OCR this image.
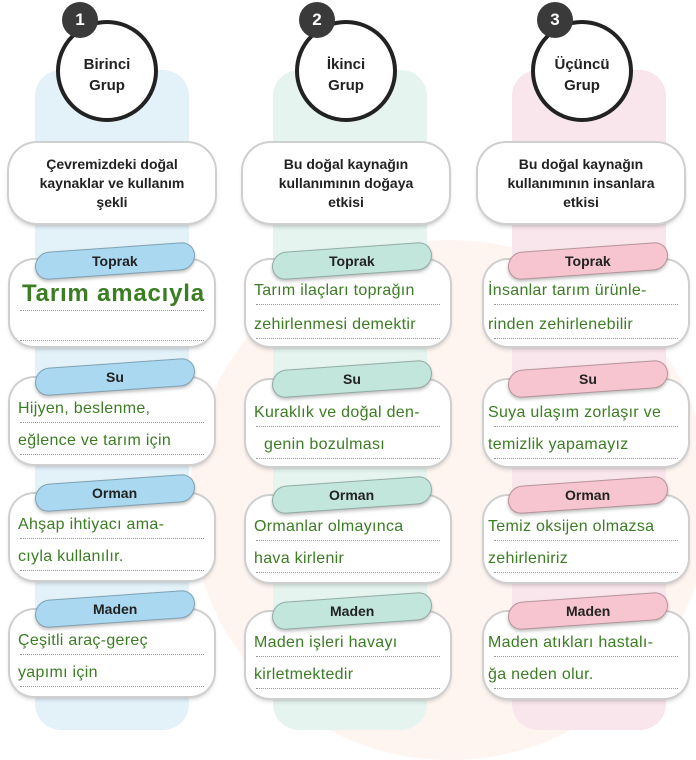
Birinci
Grup
1
Çevremizdeki doğal
kaynaklar ve kullanım
şekli
Tarım amacıyla
Toprak
Hijyen, beslenme,
eğlence ve tarım için
Su
Ahşap ihtiyacı ama-
cıyla kullanılır.
Orman
Çeşitli araç-gereç
yapımı için
Maden
İkinci
Grup
2
Bu doğal kaynağın
kullanımının doğaya
etkisi
Tarım ilaçları toprağın
zehirlenmesi demektir
Toprak
Kuraklık ve doğal den-
genin bozulması
Su
Ormanlar olmayınca
hava kirlenir
Orman
Maden işleri havayı
kirletmektedir
Maden
Üçüncü
Grup
3
Bu doğal kaynağın
kullanımının insanlara
etkisi
İnsanlar tarım ürünle-
rinden zehirlenebilir
Toprak
Suya ulaşım zorlaşır ve
temizlik yapamayız
Su
Temiz oksijen olmazsa
zehirleniriz
Orman
Maden atıkları hastalı-
ğa neden olur.
Maden
